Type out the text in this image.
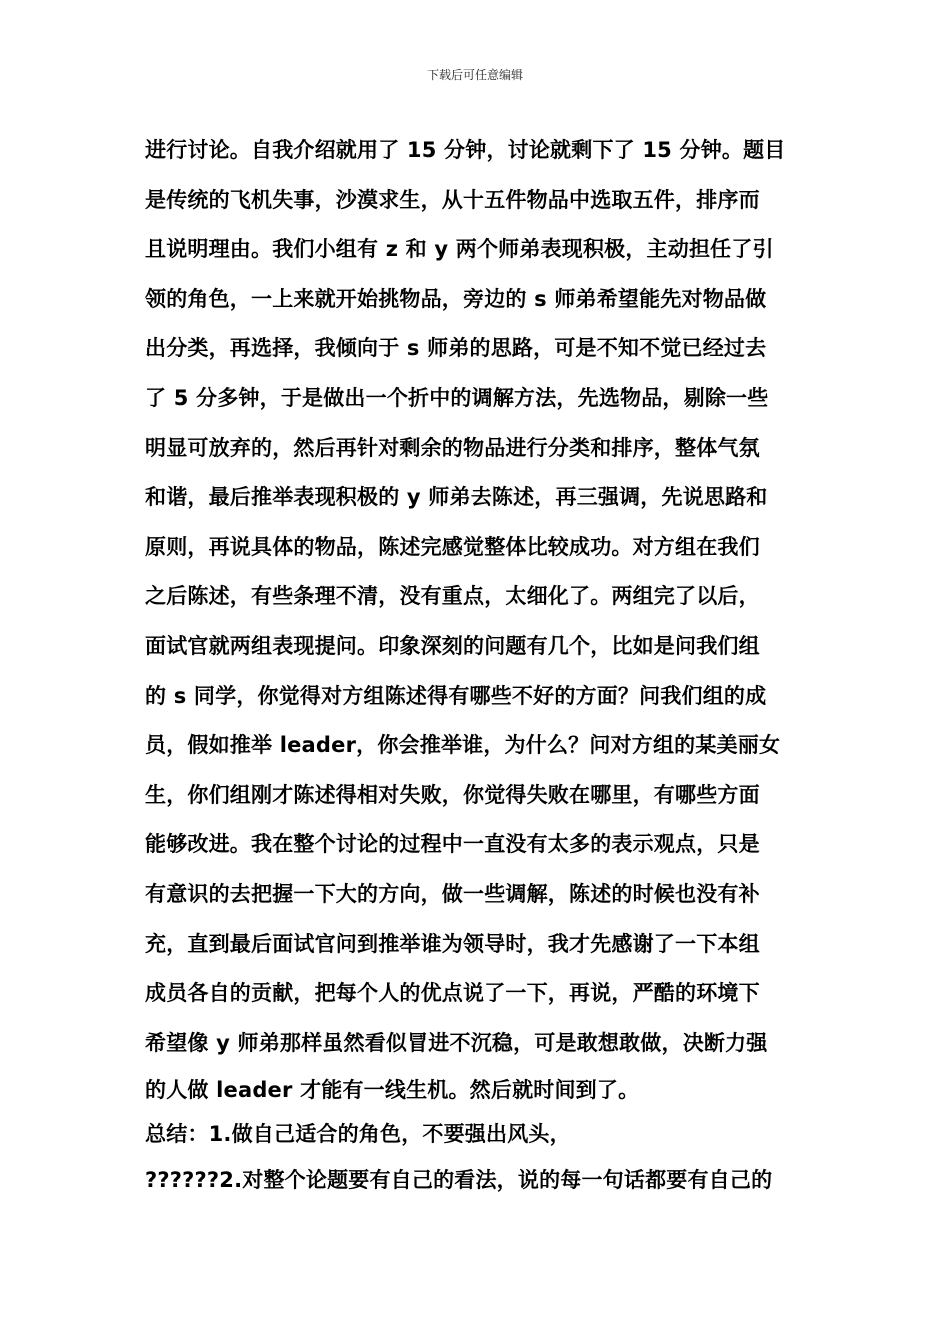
下载后可任意编辑
进行讨论。自我介绍就用了 15 分钟，讨论就剩下了 15 分钟。题目
是传统的飞机失事，沙漠求生，从十五件物品中选取五件，排序而
且说明理由。我们小组有 z 和 y 两个师弟表现积极，主动担任了引
领的角色，一上来就开始挑物品，旁边的 s 师弟希望能先对物品做
出分类，再选择，我倾向于 s 师弟的思路，可是不知不觉已经过去
了 5 分多钟，于是做出一个折中的调解方法，先选物品，剔除一些
明显可放弃的，然后再针对剩余的物品进行分类和排序，整体气氛
和谐，最后推举表现积极的 y 师弟去陈述，再三强调，先说思路和
原则，再说具体的物品，陈述完感觉整体比较成功。对方组在我们
之后陈述，有些条理不清，没有重点，太细化了。两组完了以后，
面试官就两组表现提问。印象深刻的问题有几个，比如是问我们组
的 s 同学，你觉得对方组陈述得有哪些不好的方面？问我们组的成
员，假如推举 leader，你会推举谁，为什么？问对方组的某美丽女
生，你们组刚才陈述得相对失败，你觉得失败在哪里，有哪些方面
能够改进。我在整个讨论的过程中一直没有太多的表示观点，只是
有意识的去把握一下大的方向，做一些调解，陈述的时候也没有补
充，直到最后面试官问到推举谁为领导时，我才先感谢了一下本组
成员各自的贡献，把每个人的优点说了一下，再说，严酷的环境下
希望像 y 师弟那样虽然看似冒进不沉稳，可是敢想敢做，决断力强
的人做 leader 才能有一线生机。然后就时间到了。
总结：1.做自己适合的角色，不要强出风头，
??????2.对整个论题要有自己的看法，说的每一句话都要有自己的
